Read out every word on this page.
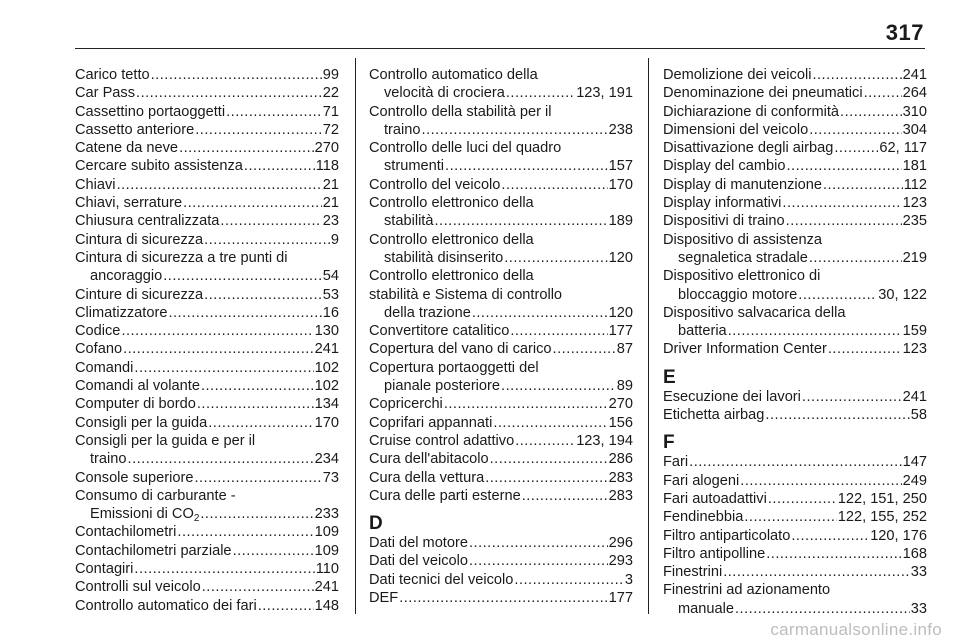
317
Carico tetto .....	99
Car Pass .....	22
Cassettino portaoggetti .....	71
Cassetto anteriore .....	72
Catene da neve .....	270
Cercare subito assistenza .....	118
Chiavi .....	21
Chiavi, serrature .....	21
Chiusura centralizzata .....	23
Cintura di sicurezza .....	9
Cintura di sicurezza a tre punti di
ancoraggio .....	54
Cinture di sicurezza .....	53
Climatizzatore .....	16
Codice .....	130
Cofano .....	241
Comandi .....	102
Comandi al volante .....	102
Computer di bordo .....	134
Consigli per la guida .....	170
Consigli per la guida e per il
traino .....	234
Console superiore .....	73
Consumo di carburante -
Emissioni di $CO_2$ .....	233
Contachilometri .....	109
Contachilometri parziale .....	109
Contagiri .....	110
Controlli sul veicolo .....	241
Controllo automatico dei fari .....	148
Controllo automatico della
velocità di crociera .....	123, 191
Controllo della stabilità per il
traino .....	238
Controllo delle luci del quadro
strumenti .....	157
Controllo del veicolo .....	170
Controllo elettronico della
stabilità .....	189
Controllo elettronico della
stabilità disinserito .....	120
Controllo elettronico della
stabilità e Sistema di controllo
della trazione .....	120
Convertitore catalitico .....	177
Copertura del vano di carico .....	87
Copertura portaoggetti del
pianale posteriore .....	89
Copricerchi .....	270
Coprifari appannati .....	156
Cruise control adattivo .....	123, 194
Cura dell'abitacolo .....	286
Cura della vettura .....	283
Cura delle parti esterne .....	283
D
Dati del motore .....	296
Dati del veicolo .....	293
Dati tecnici del veicolo .....	3
DEF .....	177
Demolizione dei veicoli .....	241
Denominazione dei pneumatici .....	264
Dichiarazione di conformità .....	310
Dimensioni del veicolo .....	304
Disattivazione degli airbag .....	62, 117
Display del cambio .....	181
Display di manutenzione .....	112
Display informativi .....	123
Dispositivi di traino .....	235
Dispositivo di assistenza
segnaletica stradale .....	219
Dispositivo elettronico di
bloccaggio motore .....	30, 122
Dispositivo salvacarica della
batteria .....	159
Driver Information Center .....	123
E
Esecuzione dei lavori .....	241
Etichetta airbag .....	58
F
Fari .....	147
Fari alogeni .....	249
Fari autoadattivi .....	122, 151, 250
Fendinebbia .....	122, 155, 252
Filtro antiparticolato .....	120, 176
Filtro antipolline .....	168
Finestrini .....	33
Finestrini ad azionamento
manuale .....	33
carmanualsonline.info
